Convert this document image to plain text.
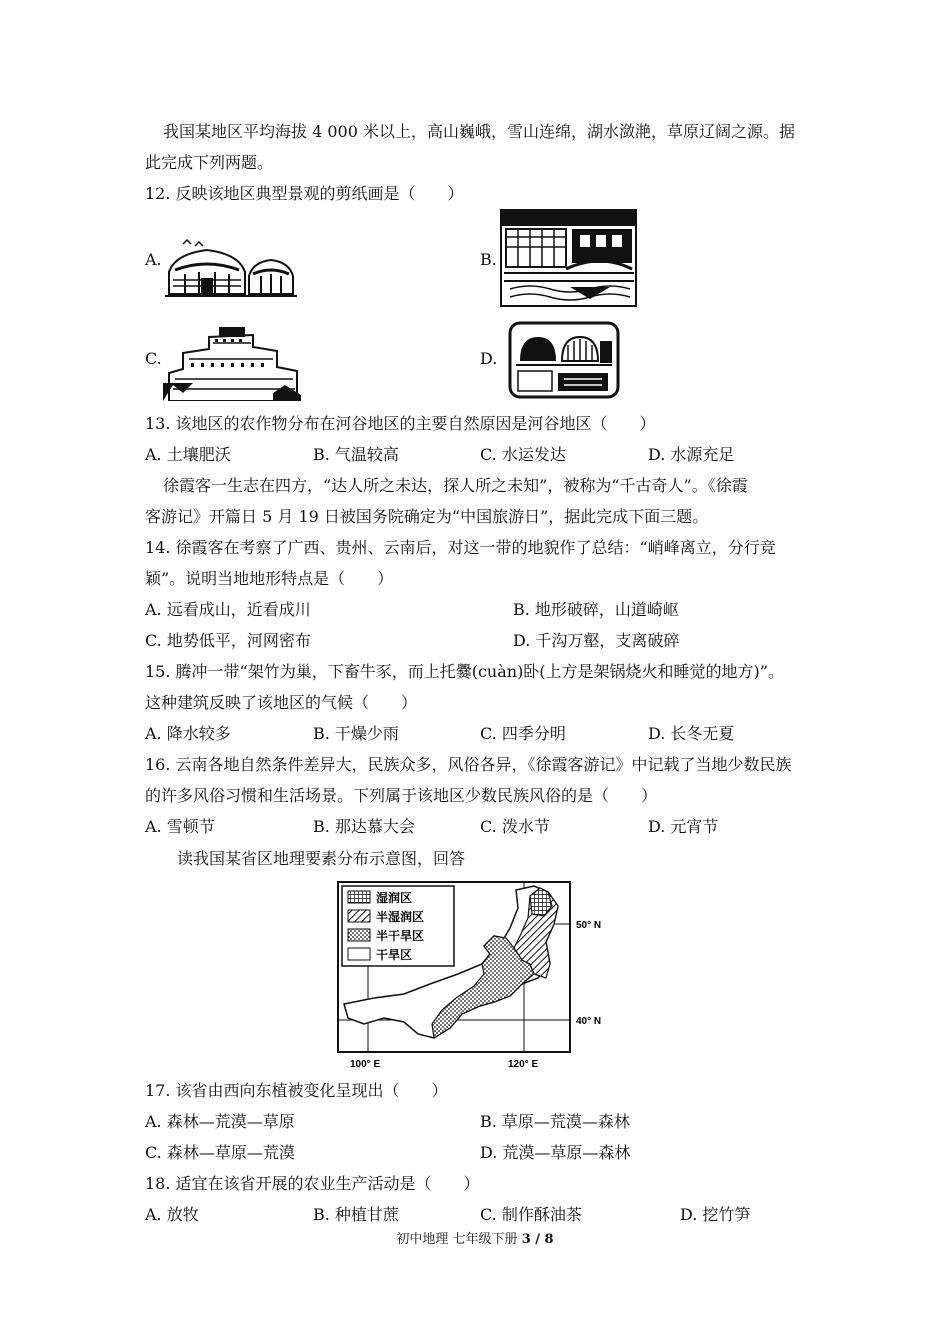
我国某地区平均海拔 4 000 米以上，高山巍峨，雪山连绵，湖水潋滟，草原辽阔之源。据
此完成下列两题。
12. 反映该地区典型景观的剪纸画是（　　）
A.	B.
C.	D.
13. 该地区的农作物分布在河谷地区的主要自然原因是河谷地区（　　）
A. 土壤肥沃	B. 气温较高	C. 水运发达	D. 水源充足
徐霞客一生志在四方，“达人所之未达，探人所之未知”，被称为“千古奇人”。《徐霞
客游记》开篇日 5 月 19 日被国务院确定为“中国旅游日”，据此完成下面三题。
14. 徐霞客在考察了广西、贵州、云南后，对这一带的地貌作了总结：“峭峰离立，分行竞
颖”。说明当地地形特点是（　　）
A. 远看成山，近看成川	B. 地形破碎，山道崎岖
C. 地势低平，河网密布	D. 千沟万壑，支离破碎
15. 腾冲一带“架竹为巢，下畜牛豕，而上托爨(cuàn)卧(上方是架锅烧火和睡觉的地方)”。
这种建筑反映了该地区的气候（　　）
A. 降水较多	B. 干燥少雨	C. 四季分明	D. 长冬无夏
16. 云南各地自然条件差异大，民族众多，风俗各异，《徐霞客游记》中记载了当地少数民族
的许多风俗习惯和生活场景。下列属于该地区少数民族风俗的是（　　）
A. 雪顿节	B. 那达慕大会	C. 泼水节	D. 元宵节
读我国某省区地理要素分布示意图，回答
湿润区
半湿润区
半干旱区
干旱区
50° N
40° N
100° E	120° E
17. 该省由西向东植被变化呈现出（　　）
A. 森林—荒漠—草原	B. 草原—荒漠—森林
C. 森林—草原—荒漠	D. 荒漠—草原—森林
18. 适宜在该省开展的农业生产活动是（　　）
A. 放牧	B. 种植甘蔗	C. 制作酥油茶	D. 挖竹笋
初中地理 七年级下册 3 / 8
